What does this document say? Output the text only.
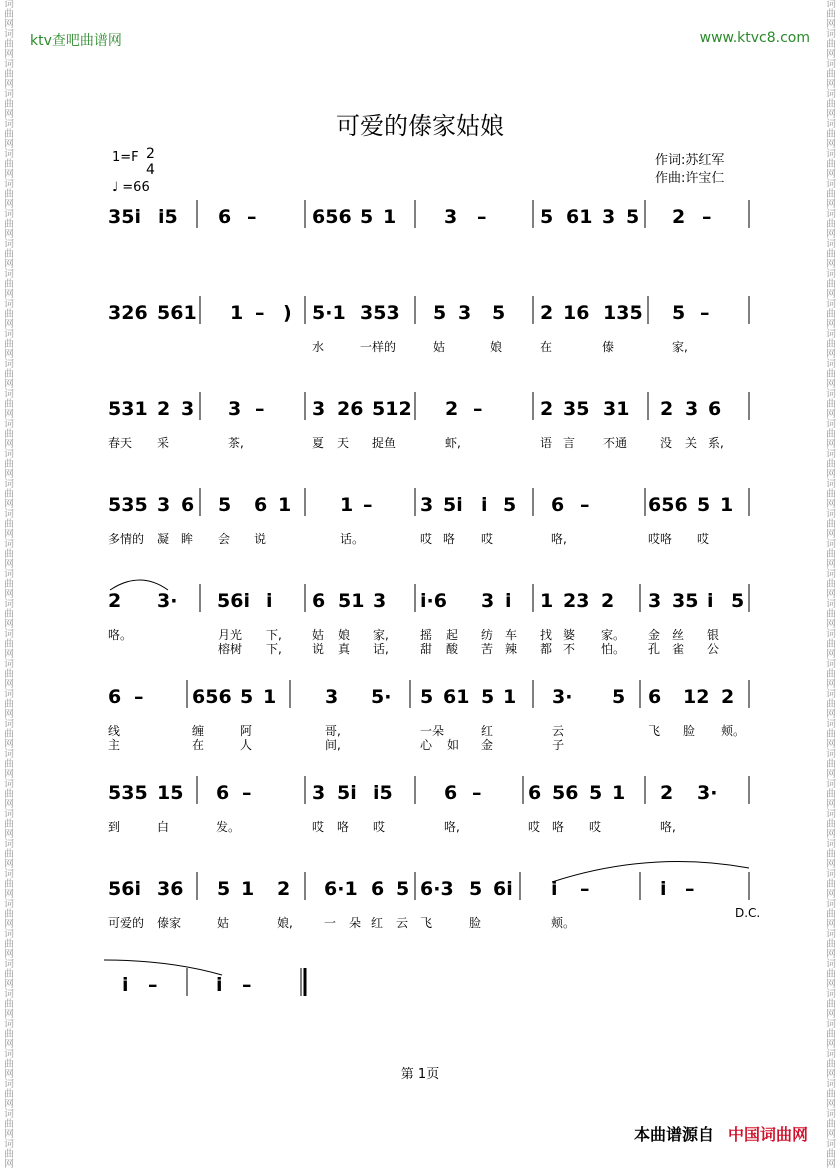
词曲网词曲网词曲网词曲网词曲网词曲网词曲网词曲网词曲网词曲网词曲网词曲网词曲网词曲网词曲网词曲网词曲网词曲网词曲网词曲网词曲网词曲网词曲网词曲网词曲网词曲网词曲网词曲网词曲网词曲网词曲网词曲网词曲网词曲网词曲网词曲网词曲网词曲网词曲网
词曲网词曲网词曲网词曲网词曲网词曲网词曲网词曲网词曲网词曲网词曲网词曲网词曲网词曲网词曲网词曲网词曲网词曲网词曲网词曲网词曲网词曲网词曲网词曲网词曲网词曲网词曲网词曲网词曲网词曲网词曲网词曲网词曲网词曲网词曲网词曲网词曲网词曲网词曲网
ktv查吧曲谱网	www.ktvc8.com
可爱的傣家姑娘
1=F 2
4
♩ =66
作词:苏红军
作曲:许宝仁
35i i5 6 –	656 5 1	3 –	5 61 3 5 2 –
326 561 1 – ) 5·1 353 5 3 5 2 16 135 5 –
水	一样的	姑	娘	在	傣	家,
531 2 3 3 –	3 26 512 2 –	2 35 31 2 3 6
春天 采	茶,	夏 天 捉鱼	虾,	语 言 不通	没 关 系,
535 3 6 5 6 1	1 –	3 5i i 5 6 –	656 5 1
多情的 凝 眸 会 说	话。	哎 咯 哎	咯,	哎咯 哎
2 3· 56i i 6 51 3 i·6 3 i 1 23 2 3 35 i 5
咯。	月光 下,	姑 娘 家,	摇 起 纺 车 找 婆 家。 金 丝 银
榕树 下,	说 真 话,	甜 酸 苦 辣 都 不 怕。 孔 雀 公
6 –	656 5 1	3 5· 5 61 5 1 3· 5 6 12 2
线	缠	阿	哥,	一朵	红	云	飞 脸 颊。
主	在	人	间,	心 如 金	子
535 15 6 –	3 5i i5	6 – 6 56 5 1 2 3·
到	白	发。	哎 咯 哎	咯,	哎 咯 哎	咯,
56i 36 5 1 2 6·1 6 5 6·3 5 6i i –	i –
可爱的 傣家	姑	娘,	一 朵 红 云 飞	脸	颊。
D.C.
i –	i –
第 1页
本曲谱源自 中国词曲网
